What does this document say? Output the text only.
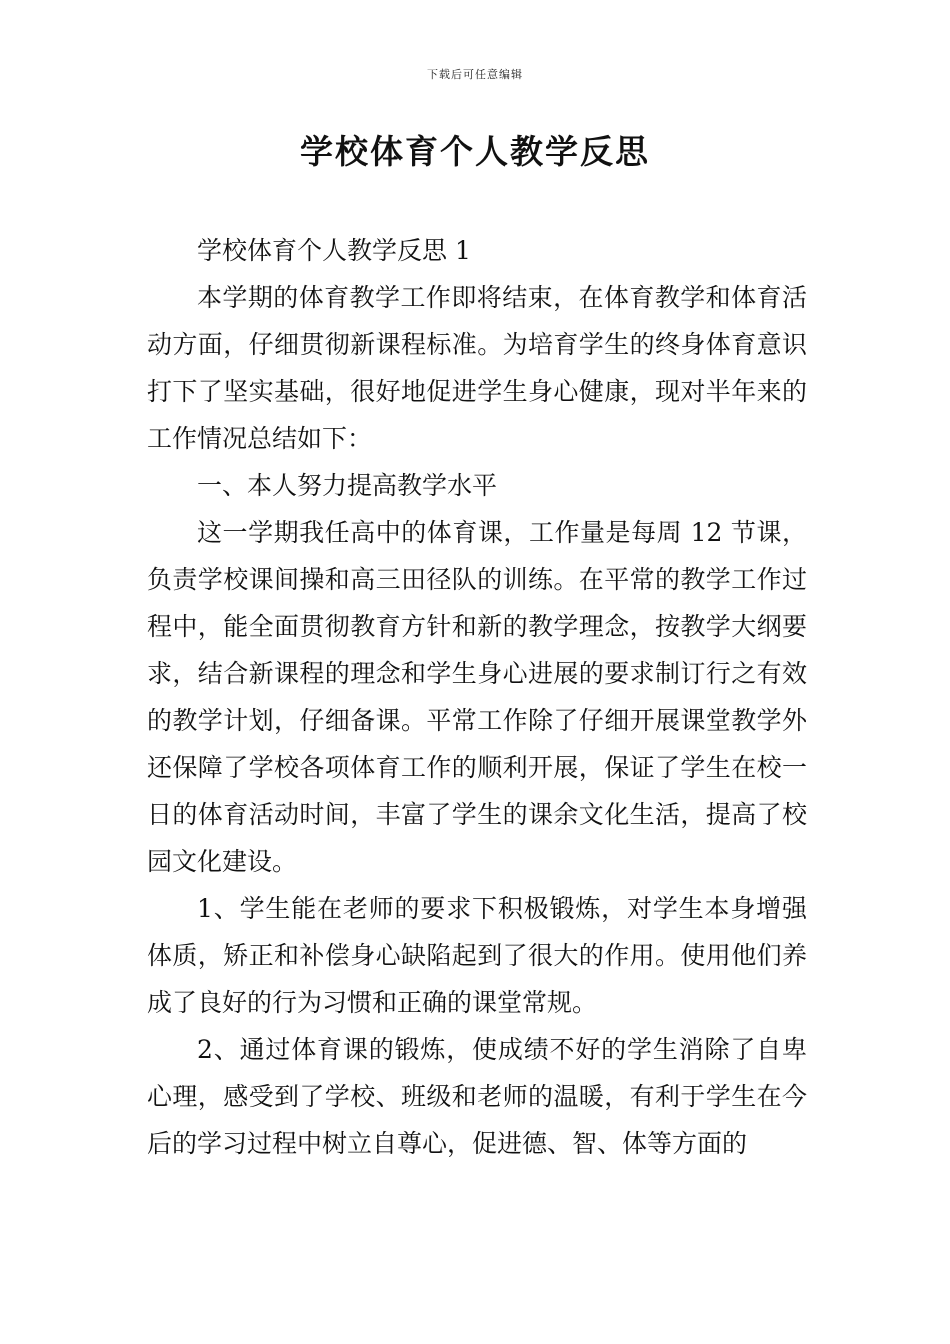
下载后可任意编辑
学校体育个人教学反思

学校体育个人教学反思 1

本学期的体育教学工作即将结束，在体育教学和体育活动方面，仔细贯彻新课程标准。为培育学生的终身体育意识打下了坚实基础，很好地促进学生身心健康，现对半年来的工作情况总结如下：

一、本人努力提高教学水平

这一学期我任高中的体育课，工作量是每周 12 节课，负责学校课间操和高三田径队的训练。在平常的教学工作过程中，能全面贯彻教育方针和新的教学理念，按教学大纲要求，结合新课程的理念和学生身心进展的要求制订行之有效的教学计划，仔细备课。平常工作除了仔细开展课堂教学外还保障了学校各项体育工作的顺利开展，保证了学生在校一日的体育活动时间，丰富了学生的课余文化生活，提高了校园文化建设。

1、学生能在老师的要求下积极锻炼，对学生本身增强体质，矫正和补偿身心缺陷起到了很大的作用。使用他们养成了良好的行为习惯和正确的课堂常规。

2、通过体育课的锻炼，使成绩不好的学生消除了自卑心理，感受到了学校、班级和老师的温暖，有利于学生在今后的学习过程中树立自尊心，促进德、智、体等方面的
